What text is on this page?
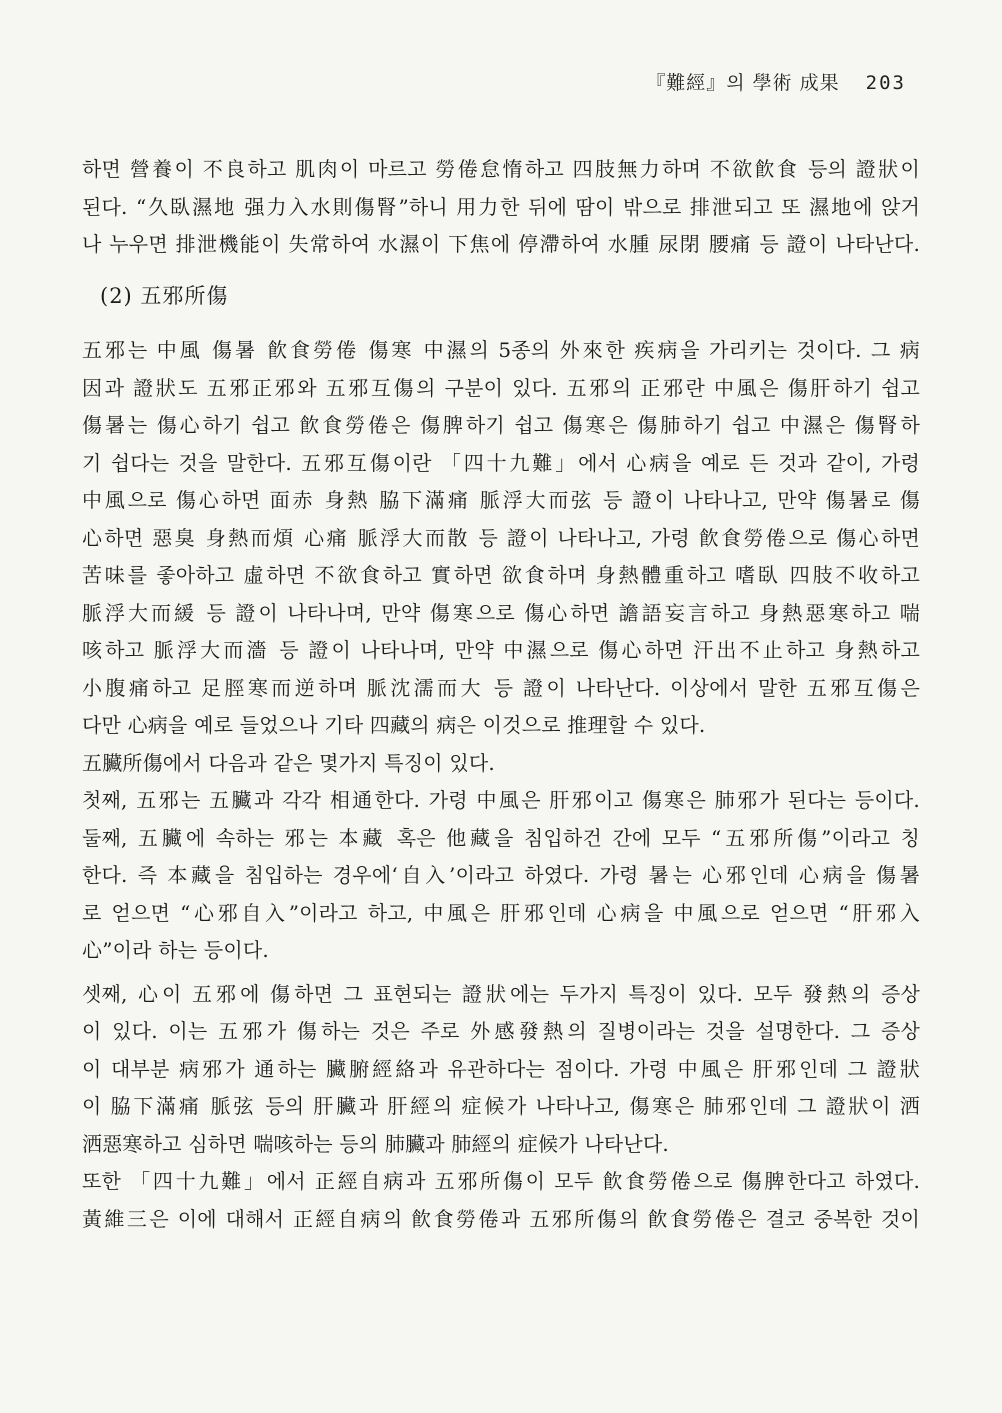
『難經』의 學術 成果 203
하면 營養이 不良하고 肌肉이 마르고 勞倦怠惰하고 四肢無力하며 不欲飮食 등의 證狀이
된다. “久臥濕地 强力入水則傷腎”하니 用力한 뒤에 땀이 밖으로 排泄되고 또 濕地에 앉거
나 누우면 排泄機能이 失常하여 水濕이 下焦에 停滯하여 水腫 尿閉 腰痛 등 證이 나타난다.
(2) 五邪所傷
五邪는 中風 傷暑 飮食勞倦 傷寒 中濕의 5종의 外來한 疾病을 가리키는 것이다. 그 病
因과 證狀도 五邪正邪와 五邪互傷의 구분이 있다. 五邪의 正邪란 中風은 傷肝하기 쉽고
傷暑는 傷心하기 쉽고 飮食勞倦은 傷脾하기 쉽고 傷寒은 傷肺하기 쉽고 中濕은 傷腎하
기 쉽다는 것을 말한다. 五邪互傷이란 「四十九難」에서 心病을 예로 든 것과 같이, 가령
中風으로 傷心하면 面赤 身熱 脇下滿痛 脈浮大而弦 등 證이 나타나고, 만약 傷暑로 傷
心하면 惡臭 身熱而煩 心痛 脈浮大而散 등 證이 나타나고, 가령 飮食勞倦으로 傷心하면
苦味를 좋아하고 虛하면 不欲食하고 實하면 欲食하며 身熱體重하고 嗜臥 四肢不收하고
脈浮大而緩 등 證이 나타나며, 만약 傷寒으로 傷心하면 譫語妄言하고 身熱惡寒하고 喘
咳하고 脈浮大而濇 등 證이 나타나며, 만약 中濕으로 傷心하면 汗出不止하고 身熱하고
小腹痛하고 足脛寒而逆하며 脈沈濡而大 등 證이 나타난다. 이상에서 말한 五邪互傷은
다만 心病을 예로 들었으나 기타 四藏의 病은 이것으로 推理할 수 있다.
五臟所傷에서 다음과 같은 몇가지 특징이 있다.
첫째, 五邪는 五臟과 각각 相通한다. 가령 中風은 肝邪이고 傷寒은 肺邪가 된다는 등이다.
둘째, 五臟에 속하는 邪는 本藏 혹은 他藏을 침입하건 간에 모두 “五邪所傷”이라고 칭
한다. 즉 本藏을 침입하는 경우에‘自入’이라고 하였다. 가령 暑는 心邪인데 心病을 傷暑
로 얻으면 “心邪自入”이라고 하고, 中風은 肝邪인데 心病을 中風으로 얻으면 “肝邪入
心”이라 하는 등이다.
셋째, 心이 五邪에 傷하면 그 표현되는 證狀에는 두가지 특징이 있다. 모두 發熱의 증상
이 있다. 이는 五邪가 傷하는 것은 주로 外感發熱의 질병이라는 것을 설명한다. 그 증상
이 대부분 病邪가 通하는 臟腑經絡과 유관하다는 점이다. 가령 中風은 肝邪인데 그 證狀
이 脇下滿痛 脈弦 등의 肝臟과 肝經의 症候가 나타나고, 傷寒은 肺邪인데 그 證狀이 洒
洒惡寒하고 심하면 喘咳하는 등의 肺臟과 肺經의 症候가 나타난다.
또한 「四十九難」에서 正經自病과 五邪所傷이 모두 飮食勞倦으로 傷脾한다고 하였다.
黃維三은 이에 대해서 正經自病의 飮食勞倦과 五邪所傷의 飮食勞倦은 결코 중복한 것이
